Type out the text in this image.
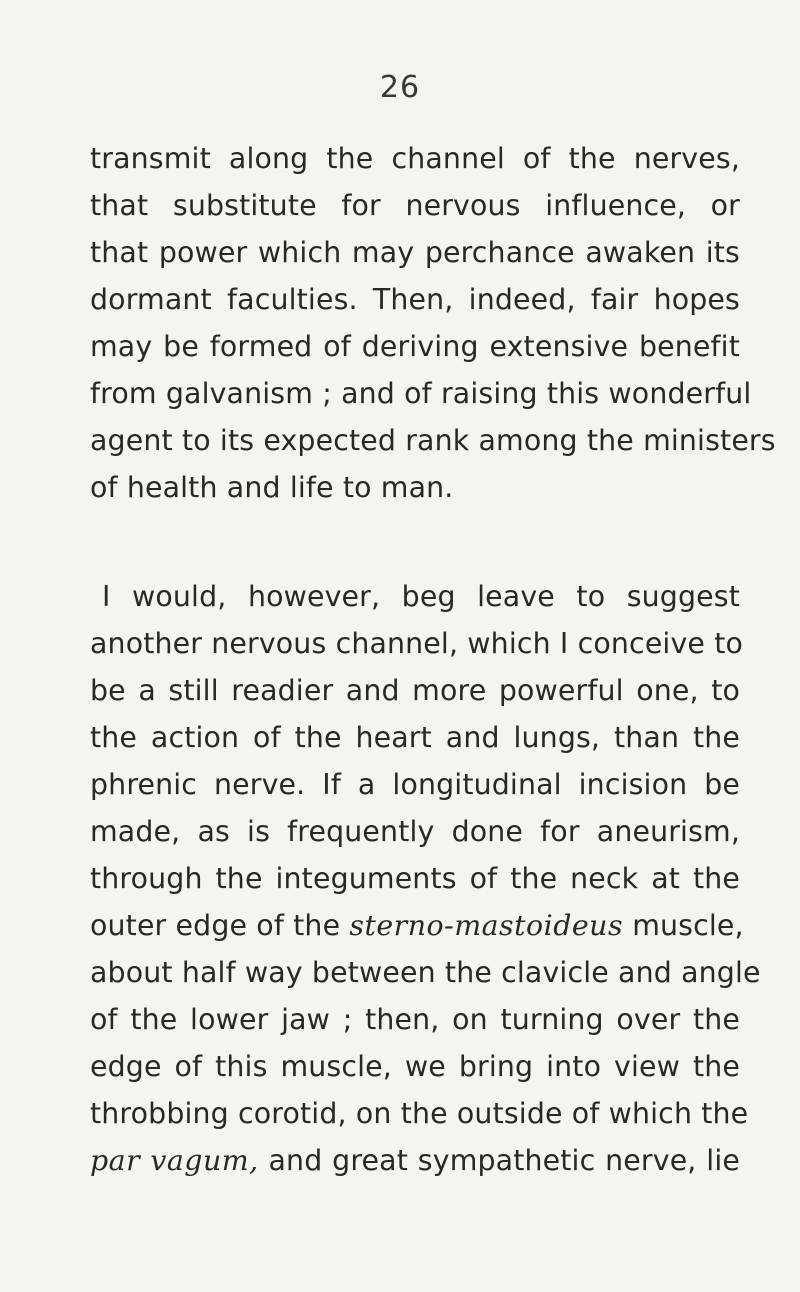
26
transmit along the channel of the nerves,
that substitute for nervous influence, or
that power which may perchance awaken its
dormant faculties. Then, indeed, fair hopes
may be formed of deriving extensive benefit
from galvanism ; and of raising this wonderful
agent to its expected rank among the ministers
of health and life to man.
I would, however, beg leave to suggest
another nervous channel, which I conceive to
be a still readier and more powerful one, to
the action of the heart and lungs, than the
phrenic nerve. If a longitudinal incision be
made, as is frequently done for aneurism,
through the integuments of the neck at the
outer edge of the sterno-mastoideus muscle,
about half way between the clavicle and angle
of the lower jaw ; then, on turning over the
edge of this muscle, we bring into view the
throbbing corotid, on the outside of which the
par vagum, and great sympathetic nerve, lie
